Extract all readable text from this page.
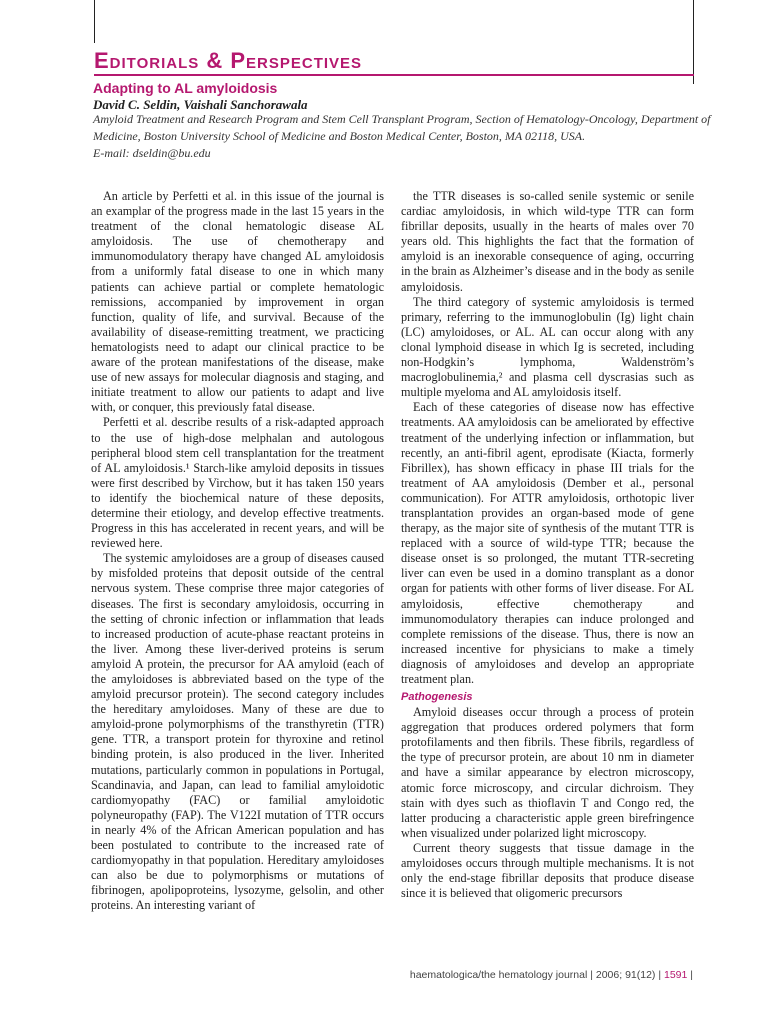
Editorials & Perspectives
Adapting to AL amyloidosis
David C. Seldin, Vaishali Sanchorawala
Amyloid Treatment and Research Program and Stem Cell Transplant Program, Section of Hematology-Oncology, Department of
Medicine, Boston University School of Medicine and Boston Medical Center, Boston, MA 02118, USA.
E-mail: dseldin@bu.edu

An article by Perfetti et al. in this issue of the journal is an examplar of the progress made in the last 15 years in the treatment of the clonal hematologic disease AL amyloidosis. The use of chemotherapy and immunomodulatory therapy have changed AL amyloidosis from a uniformly fatal disease to one in which many patients can achieve partial or complete hematologic remissions, accompanied by improvement in organ function, quality of life, and survival. Because of the availability of disease-remitting treatment, we practicing hematologists need to adapt our clinical practice to be aware of the protean manifestations of the disease, make use of new assays for molecular diagnosis and staging, and initiate treatment to allow our patients to adapt and live with, or conquer, this previously fatal disease.

Perfetti et al. describe results of a risk-adapted approach to the use of high-dose melphalan and autologous peripheral blood stem cell transplantation for the treatment of AL amyloidosis.¹ Starch-like amyloid deposits in tissues were first described by Virchow, but it has taken 150 years to identify the biochemical nature of these deposits, determine their etiology, and develop effective treatments. Progress in this has accelerated in recent years, and will be reviewed here.

The systemic amyloidoses are a group of diseases caused by misfolded proteins that deposit outside of the central nervous system. These comprise three major categories of diseases. The first is secondary amyloidosis, occurring in the setting of chronic infection or inflammation that leads to increased production of acute-phase reactant proteins in the liver. Among these liver-derived proteins is serum amyloid A protein, the precursor for AA amyloid (each of the amyloidoses is abbreviated based on the type of the amyloid precursor protein). The second category includes the hereditary amyloidoses. Many of these are due to amyloid-prone polymorphisms of the transthyretin (TTR) gene. TTR, a transport protein for thyroxine and retinol binding protein, is also produced in the liver. Inherited mutations, particularly common in populations in Portugal, Scandinavia, and Japan, can lead to familial amyloidotic cardiomyopathy (FAC) or familial amyloidotic polyneuropathy (FAP). The V122I mutation of TTR occurs in nearly 4% of the African American population and has been postulated to contribute to the increased rate of cardiomyopathy in that population. Hereditary amyloidoses can also be due to polymorphisms or mutations of fibrinogen, apolipoproteins, lysozyme, gelsolin, and other proteins. An interesting variant of

the TTR diseases is so-called senile systemic or senile cardiac amyloidosis, in which wild-type TTR can form fibrillar deposits, usually in the hearts of males over 70 years old. This highlights the fact that the formation of amyloid is an inexorable consequence of aging, occurring in the brain as Alzheimer’s disease and in the body as senile amyloidosis.

The third category of systemic amyloidosis is termed primary, referring to the immunoglobulin (Ig) light chain (LC) amyloidoses, or AL. AL can occur along with any clonal lymphoid disease in which Ig is secreted, including non-Hodgkin’s lymphoma, Waldenström’s macroglobulinemia,² and plasma cell dyscrasias such as multiple myeloma and AL amyloidosis itself.

Each of these categories of disease now has effective treatments. AA amyloidosis can be ameliorated by effective treatment of the underlying infection or inflammation, but recently, an anti-fibril agent, eprodisate (Kiacta, formerly Fibrillex), has shown efficacy in phase III trials for the treatment of AA amyloidosis (Dember et al., personal communication). For ATTR amyloidosis, orthotopic liver transplantation provides an organ-based mode of gene therapy, as the major site of synthesis of the mutant TTR is replaced with a source of wild-type TTR; because the disease onset is so prolonged, the mutant TTR-secreting liver can even be used in a domino transplant as a donor organ for patients with other forms of liver disease. For AL amyloidosis, effective chemotherapy and immunomodulatory therapies can induce prolonged and complete remissions of the disease. Thus, there is now an increased incentive for physicians to make a timely diagnosis of amyloidoses and develop an appropriate treatment plan.

Pathogenesis

Amyloid diseases occur through a process of protein aggregation that produces ordered polymers that form protofilaments and then fibrils. These fibrils, regardless of the type of precursor protein, are about 10 nm in diameter and have a similar appearance by electron microscopy, atomic force microscopy, and circular dichroism. They stain with dyes such as thioflavin T and Congo red, the latter producing a characteristic apple green birefringence when visualized under polarized light microscopy.

Current theory suggests that tissue damage in the amyloidoses occurs through multiple mechanisms. It is not only the end-stage fibrillar deposits that produce disease since it is believed that oligomeric precursors

haematologica/the hematology journal | 2006; 91(12) | 1591 |
